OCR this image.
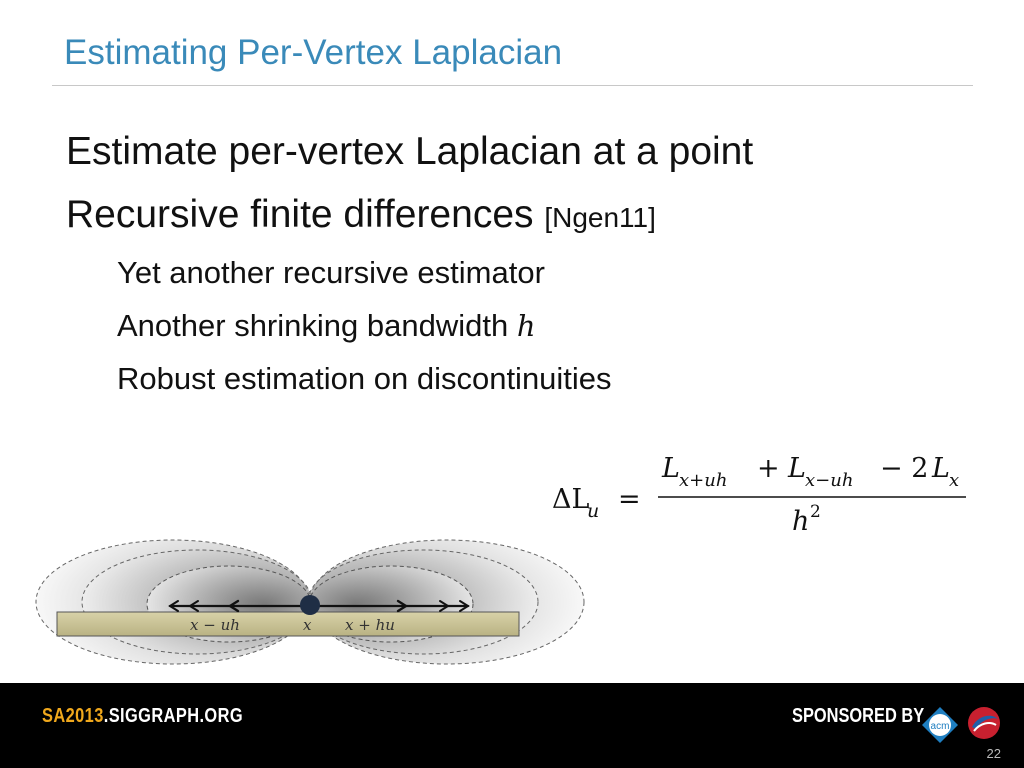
Estimating Per-Vertex Laplacian
Estimate per-vertex Laplacian at a point
Recursive finite differences [Ngen11]
Yet another recursive estimator
Another shrinking bandwidth h
Robust estimation on discontinuities
ΔL
u =
L x+uh + L x−uh − 2 L x
h 2
x − uh	x x + hu
SA2013.SIGGRAPH.ORG	SPONSORED BY acm
22
